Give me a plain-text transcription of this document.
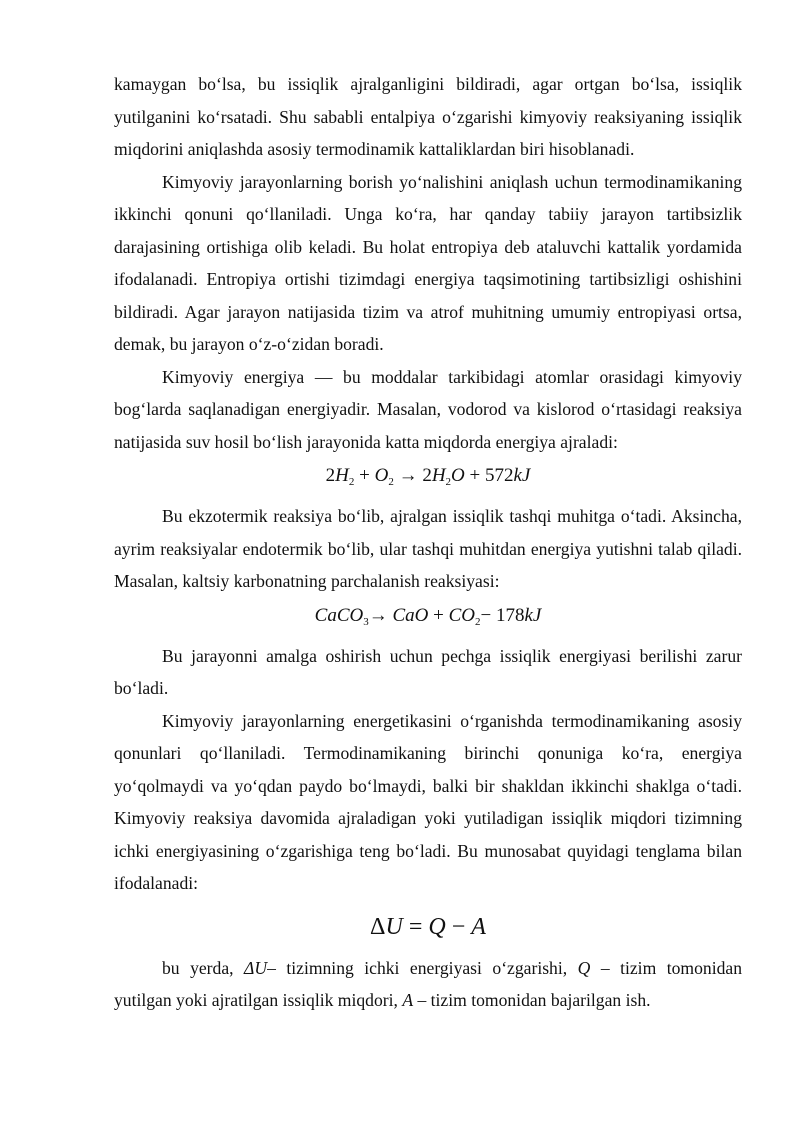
kamaygan bo‘lsa, bu issiqlik ajralganligini bildiradi, agar ortgan bo‘lsa, issiqlik yutilganini ko‘rsatadi. Shu sababli entalpiya o‘zgarishi kimyoviy reaksiyaning issiqlik miqdorini aniqlashda asosiy termodinamik kattaliklardan biri hisoblanadi.

Kimyoviy jarayonlarning borish yo‘nalishini aniqlash uchun termodinamikaning ikkinchi qonuni qo‘llaniladi. Unga ko‘ra, har qanday tabiiy jarayon tartibsizlik darajasining ortishiga olib keladi. Bu holat entropiya deb ataluvchi kattalik yordamida ifodalanadi. Entropiya ortishi tizimdagi energiya taqsimotining tartibsizligi oshishini bildiradi. Agar jarayon natijasida tizim va atrof muhitning umumiy entropiyasi ortsa, demak, bu jarayon o‘z-o‘zidan boradi.

Kimyoviy energiya — bu moddalar tarkibidagi atomlar orasidagi kimyoviy bog‘larda saqlanadigan energiyadir. Masalan, vodorod va kislorod o‘rtasidagi reaksiya natijasida suv hosil bo‘lish jarayonida katta miqdorda energiya ajraladi:

$2H_2 + O_2 \to 2H_2O + 572kJ$

Bu ekzotermik reaksiya bo‘lib, ajralgan issiqlik tashqi muhitga o‘tadi. Aksincha, ayrim reaksiyalar endotermik bo‘lib, ular tashqi muhitdan energiya yutishni talab qiladi. Masalan, kaltsiy karbonatning parchalanish reaksiyasi:

CaCO$_3$→ CaO + $CO_2- 178kJ$

Bu jarayonni amalga oshirish uchun pechga issiqlik energiyasi berilishi zarur bo‘ladi.

Kimyoviy jarayonlarning energetikasini o‘rganishda termodinamikaning asosiy qonunlari qo‘llaniladi. Termodinamikaning birinchi qonuniga ko‘ra, energiya yo‘qolmaydi va yo‘qdan paydo bo‘lmaydi, balki bir shakldan ikkinchi shaklga o‘tadi. Kimyoviy reaksiya davomida ajraladigan yoki yutiladigan issiqlik miqdori tizimning ichki energiyasining o‘zgarishiga teng bo‘ladi. Bu munosabat quyidagi tenglama bilan ifodalanadi:

ΔU = Q − A

bu yerda, ΔU– tizimning ichki energiyasi o‘zgarishi, Q – tizim tomonidan yutilgan yoki ajratilgan issiqlik miqdori, A – tizim tomonidan bajarilgan ish.
